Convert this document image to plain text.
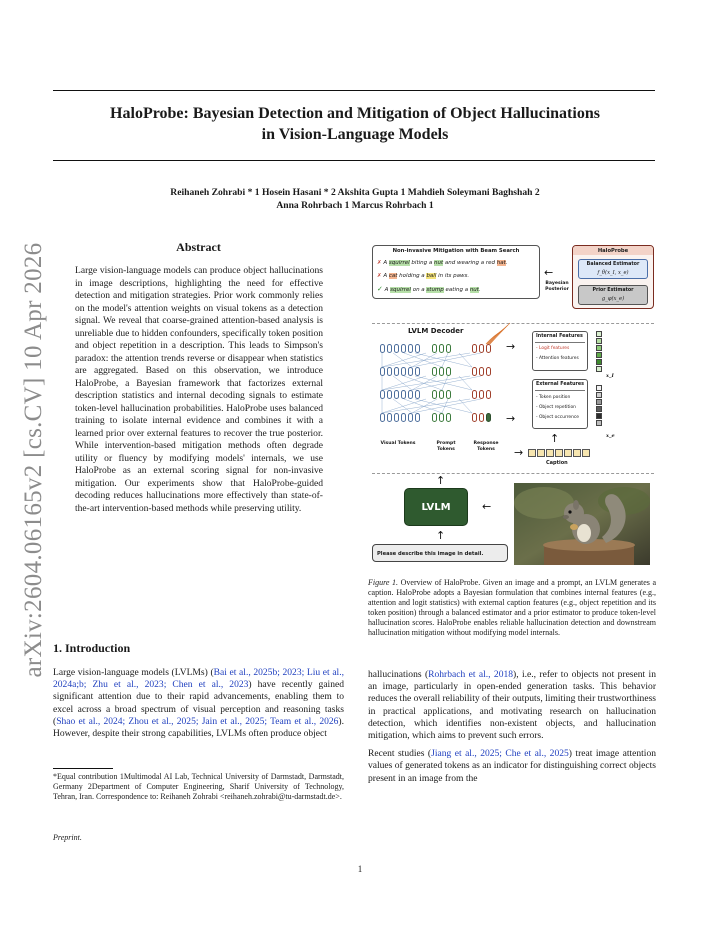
arXiv:2604.06165v2 [cs.CV] 10 Apr 2026
HaloProbe: Bayesian Detection and Mitigation of Object Hallucinations
in Vision-Language Models
Reihaneh Zohrabi * 1 Hosein Hasani * 2 Akshita Gupta 1 Mahdieh Soleymani Baghshah 2
Anna Rohrbach 1 Marcus Rohrbach 1
Abstract
Large vision-language models can produce object hallucinations in image descriptions, highlighting the need for effective detection and mitigation strategies. Prior work commonly relies on the model's attention weights on visual tokens as a detection signal. We reveal that coarse-grained attention-based analysis is unreliable due to hidden confounders, specifically token position and object repetition in a description. This leads to Simpson's paradox: the attention trends reverse or disappear when statistics are aggregated. Based on this observation, we introduce HaloProbe, a Bayesian framework that factorizes external description statistics and internal decoding signals to estimate token-level hallucination probabilities. HaloProbe uses balanced training to isolate internal evidence and combines it with a learned prior over external features to recover the true posterior. While intervention-based mitigation methods often degrade utility or fluency by modifying models' internals, we use HaloProbe as an external scoring signal for non-invasive mitigation. Our experiments show that HaloProbe-guided decoding reduces hallucinations more effectively than state-of-the-art intervention-based methods while preserving utility.
1. Introduction
Large vision-language models (LVLMs) (Bai et al., 2025b; 2023; Liu et al., 2024a;b; Zhu et al., 2023; Chen et al., 2023) have recently gained significant attention due to their rapid advancements, enabling them to excel across a broad spectrum of visual perception and reasoning tasks (Shao et al., 2024; Zhou et al., 2025; Jain et al., 2025; Team et al., 2026). However, despite their strong capabilities, LVLMs often produce object
*Equal contribution 1Multimodal AI Lab, Technical University of Darmstadt, Darmstadt, Germany 2Department of Computer Engineering, Sharif University of Technology, Tehran, Iran. Correspondence to: Reihaneh Zohrabi <reihaneh.zohrabi@tu-darmstadt.de>.
Preprint.
Non-invasive Mitigation with Beam Search
✗ A squirrel biting a nut and wearing a red hat.
✗ A cat holding a ball in its paws.
✓ A squirrel on a stump eating a nut.
←
Bayesian Posterior
HaloProbe
Balanced Estimator
f_θ(x_I, x_e)
Prior Estimator
g_φ(x_e)
LVLM Decoder
Visual Tokens	Prompt Tokens
Response Tokens
→
→
Internal Features
- Logit features
- Attention features
External Features
- Token position
- Object repetition
- Object occurrence
x_I
x_e
→
Caption
↑
↑
LVLM	←
↑
Please describe this image in detail.
Figure 1. Overview of HaloProbe. Given an image and a prompt, an LVLM generates a caption. HaloProbe adopts a Bayesian formulation that combines internal features (e.g., attention and logit statistics) with external caption features (e.g., object repetition and its token position) through a balanced estimator and a prior estimator to produce token-level hallucination scores. HaloProbe enables reliable hallucination detection and downstream hallucination mitigation without modifying model internals.

hallucinations (Rohrbach et al., 2018), i.e., refer to objects not present in an image, particularly in open-ended generation tasks. This behavior reduces the overall reliability of their outputs, limiting their trustworthiness in practical applications, and motivating research on hallucination detection, which identifies non-existent objects, and hallucination mitigation, which aims to prevent such errors.

Recent studies (Jiang et al., 2025; Che et al., 2025) treat image attention values of generated tokens as an indicator for distinguishing correct objects present in an image from the

1
